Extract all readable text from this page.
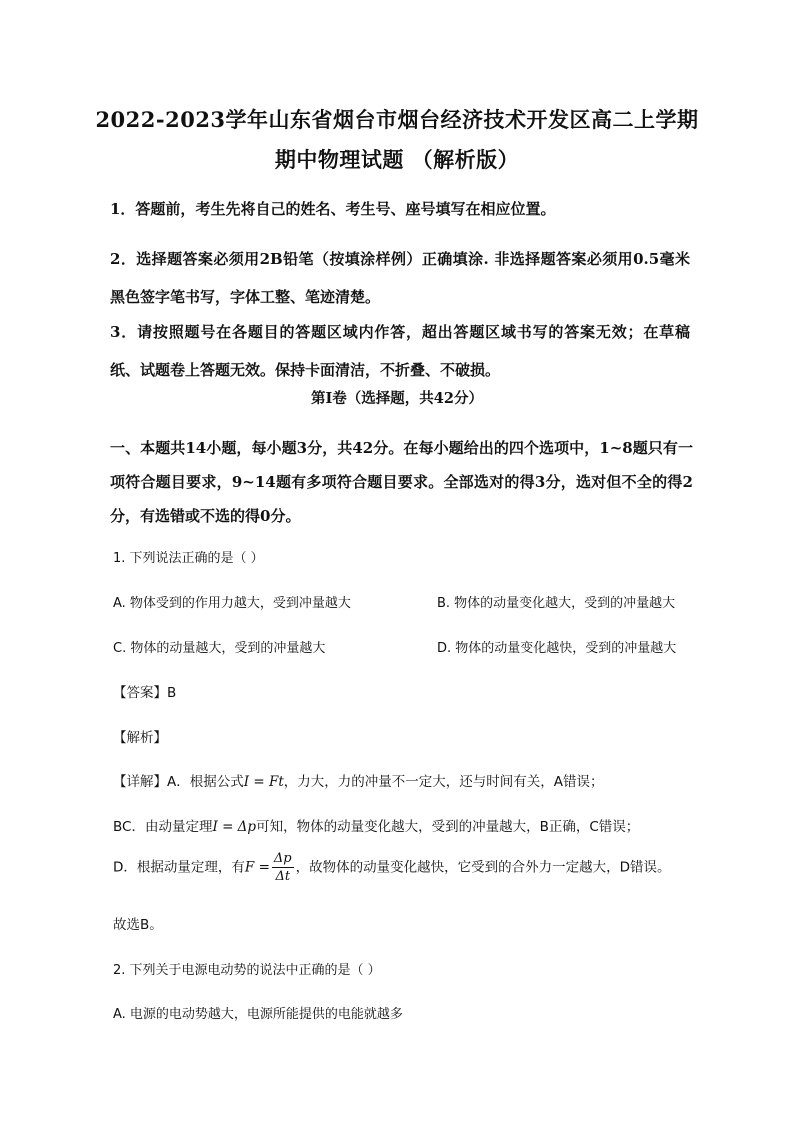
2022-2023学年山东省烟台市烟台经济技术开发区高二上学期
期中物理试题 （解析版）
1．答题前，考生先将自己的姓名、考生号、座号填写在相应位置。
2．选择题答案必须用2B铅笔（按填涂样例）正确填涂. 非选择题答案必须用0.5毫米黑色签字笔书写，字体工整、笔迹清楚。
3．请按照题号在各题目的答题区域内作答，超出答题区域书写的答案无效；在草稿纸、试题卷上答题无效。保持卡面清洁，不折叠、不破损。
第I卷（选择题，共42分）
一、本题共14小题，每小题3分，共42分。在每小题给出的四个选项中，1~8题只有一项符合题目要求，9~14题有多项符合题目要求。全部选对的得3分，选对但不全的得2分，有选错或不选的得0分。
1. 下列说法正确的是（ ）
A. 物体受到的作用力越大，受到冲量越大	B. 物体的动量变化越大，受到的冲量越大
C. 物体的动量越大，受到的冲量越大	D. 物体的动量变化越快，受到的冲量越大
【答案】B
【解析】
【详解】A．根据公式I = Ft，力大，力的冲量不一定大，还与时间有关，A错误；
BC．由动量定理I = Δp可知，物体的动量变化越大，受到的冲量越大，B正确，C错误；
D．根据动量定理，有$F = \frac{\Delta p}{\Delta t}$ ，故物体的动量变化越快，它受到的合外力一定越大，D错误。
故选B。
2. 下列关于电源电动势的说法中正确的是（ ）
A. 电源的电动势越大，电源所能提供的电能就越多
